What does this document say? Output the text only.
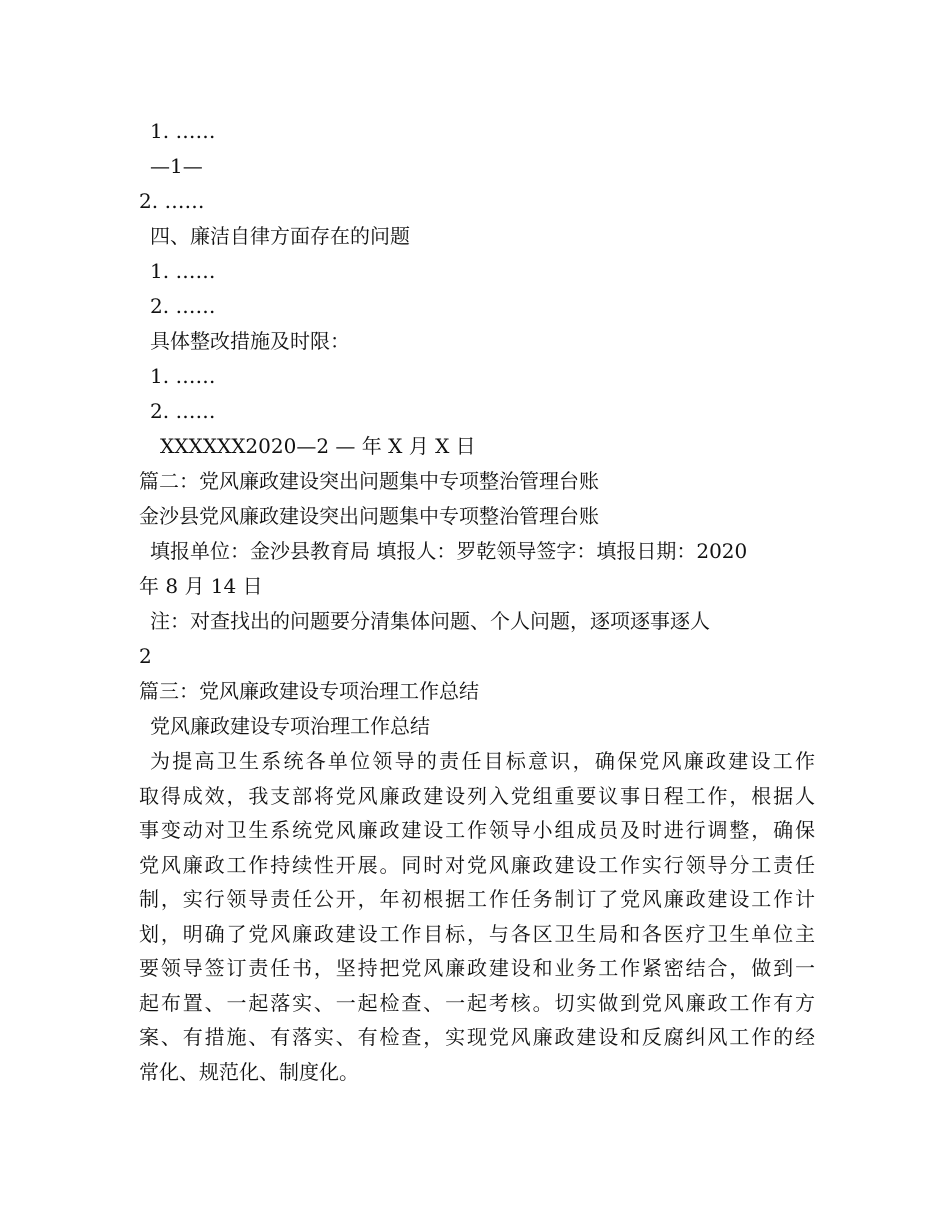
1. ……
—1—
2. ……
四、廉洁自律方面存在的问题
1. ……
2. ……
具体整改措施及时限：
1. ……
2. ……
XXXXXX2020—2 — 年 X 月 X 日
篇二：党风廉政建设突出问题集中专项整治管理台账
金沙县党风廉政建设突出问题集中专项整治管理台账
填报单位：金沙县教育局 填报人：罗乾领导签字：填报日期：2020
年 8 月 14 日
注：对查找出的问题要分清集体问题、个人问题，逐项逐事逐人
2
篇三：党风廉政建设专项治理工作总结
党风廉政建设专项治理工作总结
为提高卫生系统各单位领导的责任目标意识，确保党风廉政建设工作
取得成效，我支部将党风廉政建设列入党组重要议事日程工作，根据人
事变动对卫生系统党风廉政建设工作领导小组成员及时进行调整，确保
党风廉政工作持续性开展。同时对党风廉政建设工作实行领导分工责任
制，实行领导责任公开，年初根据工作任务制订了党风廉政建设工作计
划，明确了党风廉政建设工作目标，与各区卫生局和各医疗卫生单位主
要领导签订责任书，坚持把党风廉政建设和业务工作紧密结合，做到一
起布置、一起落实、一起检查、一起考核。切实做到党风廉政工作有方
案、有措施、有落实、有检查，实现党风廉政建设和反腐纠风工作的经
常化、规范化、制度化。
